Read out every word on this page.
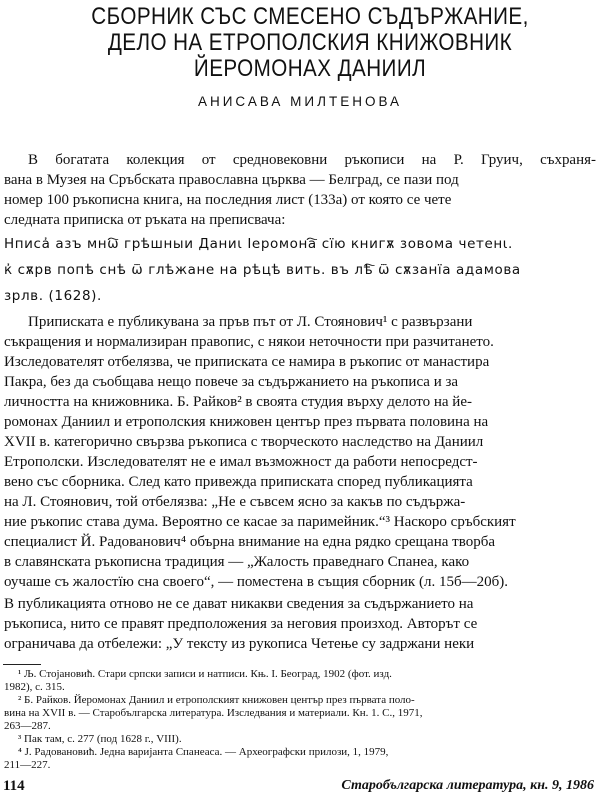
СБОРНИК СЪС СМЕСЕНО СЪДЪРЖАНИЕ,
ДЕЛО НА ЕТРОПОЛСКИЯ КНИЖОВНИК
ЙЕРОМОНАХ ДАНИИЛ

АНИСАВА МИЛТЕНОВА

В богатата колекция от средновековни ръкописи на Р. Груич, съхраня-

вана в Музея на Сръбската православна църква — Белград, се пази под

номер 100 ръкописна книга, на последния лист (133а) от която се чете

следната приписка от ръката на преписвача:

Нписа҆ азъ мнѡ҇ грѣшныи Даниꙇ Іеромона҇ сїю книгѫ зовома четенꙇ.

к҆ сѫрв попѣ снѣ ѿ глѣжане на рѣцѣ вить. въ лѣ҇ ѿ сѫзанїа адамова

зрлв. (1628).

Приписката е публикувана за пръв път от Л. Стоянович¹ с развързани

съкращения и нормализиран правопис, с някои неточности при разчитането.

Изследователят отбелязва, че приписката се намира в ръкопис от манастира

Пакра, без да съобщава нещо повече за съдържанието на ръкописа и за

личността на книжовника. Б. Райков² в своята студия върху делото на йе-

ромонах Даниил и етрополския книжовен център през първата половина на

XVII в. категорично свързва ръкописа с творческото наследство на Даниил

Етрополски. Изследователят не е имал възможност да работи непосредст-

вено със сборника. След като привежда приписката според публикацията

на Л. Стоянович, той отбелязва: „Не е съвсем ясно за какъв по съдържа-

ние ръкопис става дума. Вероятно се касае за паримейник.“³ Наскоро сръбският

специалист Й. Радованович⁴ обърна внимание на една рядко срещана творба

в славянската ръкописна традиция — „Жалость праведнаго Спанеа, како

оучаше съ жалостїю сна своего“, — поместена в същия сборник (л. 15б—20б).

В публикацията отново не се дават никакви сведения за съдържанието на

ръкописа, нито се правят предположения за неговия произход. Авторът се

ограничава да отбележи: „У тексту из рукописа Четење су задржани неки

¹ Љ. Стојановић. Стари српски записи и натписи. Књ. I. Београд, 1902 (фот. изд.

1982), с. 315.

² Б. Райков. Йеромонах Даниил и етрополският книжовен център през първата поло-

вина на XVII в. — Старобългарска литература. Изследвания и материали. Кн. 1. С., 1971,

263—287.

³ Пак там, с. 277 (под 1628 г., VIII).

⁴ J. Радовановић. Једна варијанта Спанеаса. — Археографски прилози, 1, 1979,

211—227.

114	Старобългарска литература, кн. 9, 1986
